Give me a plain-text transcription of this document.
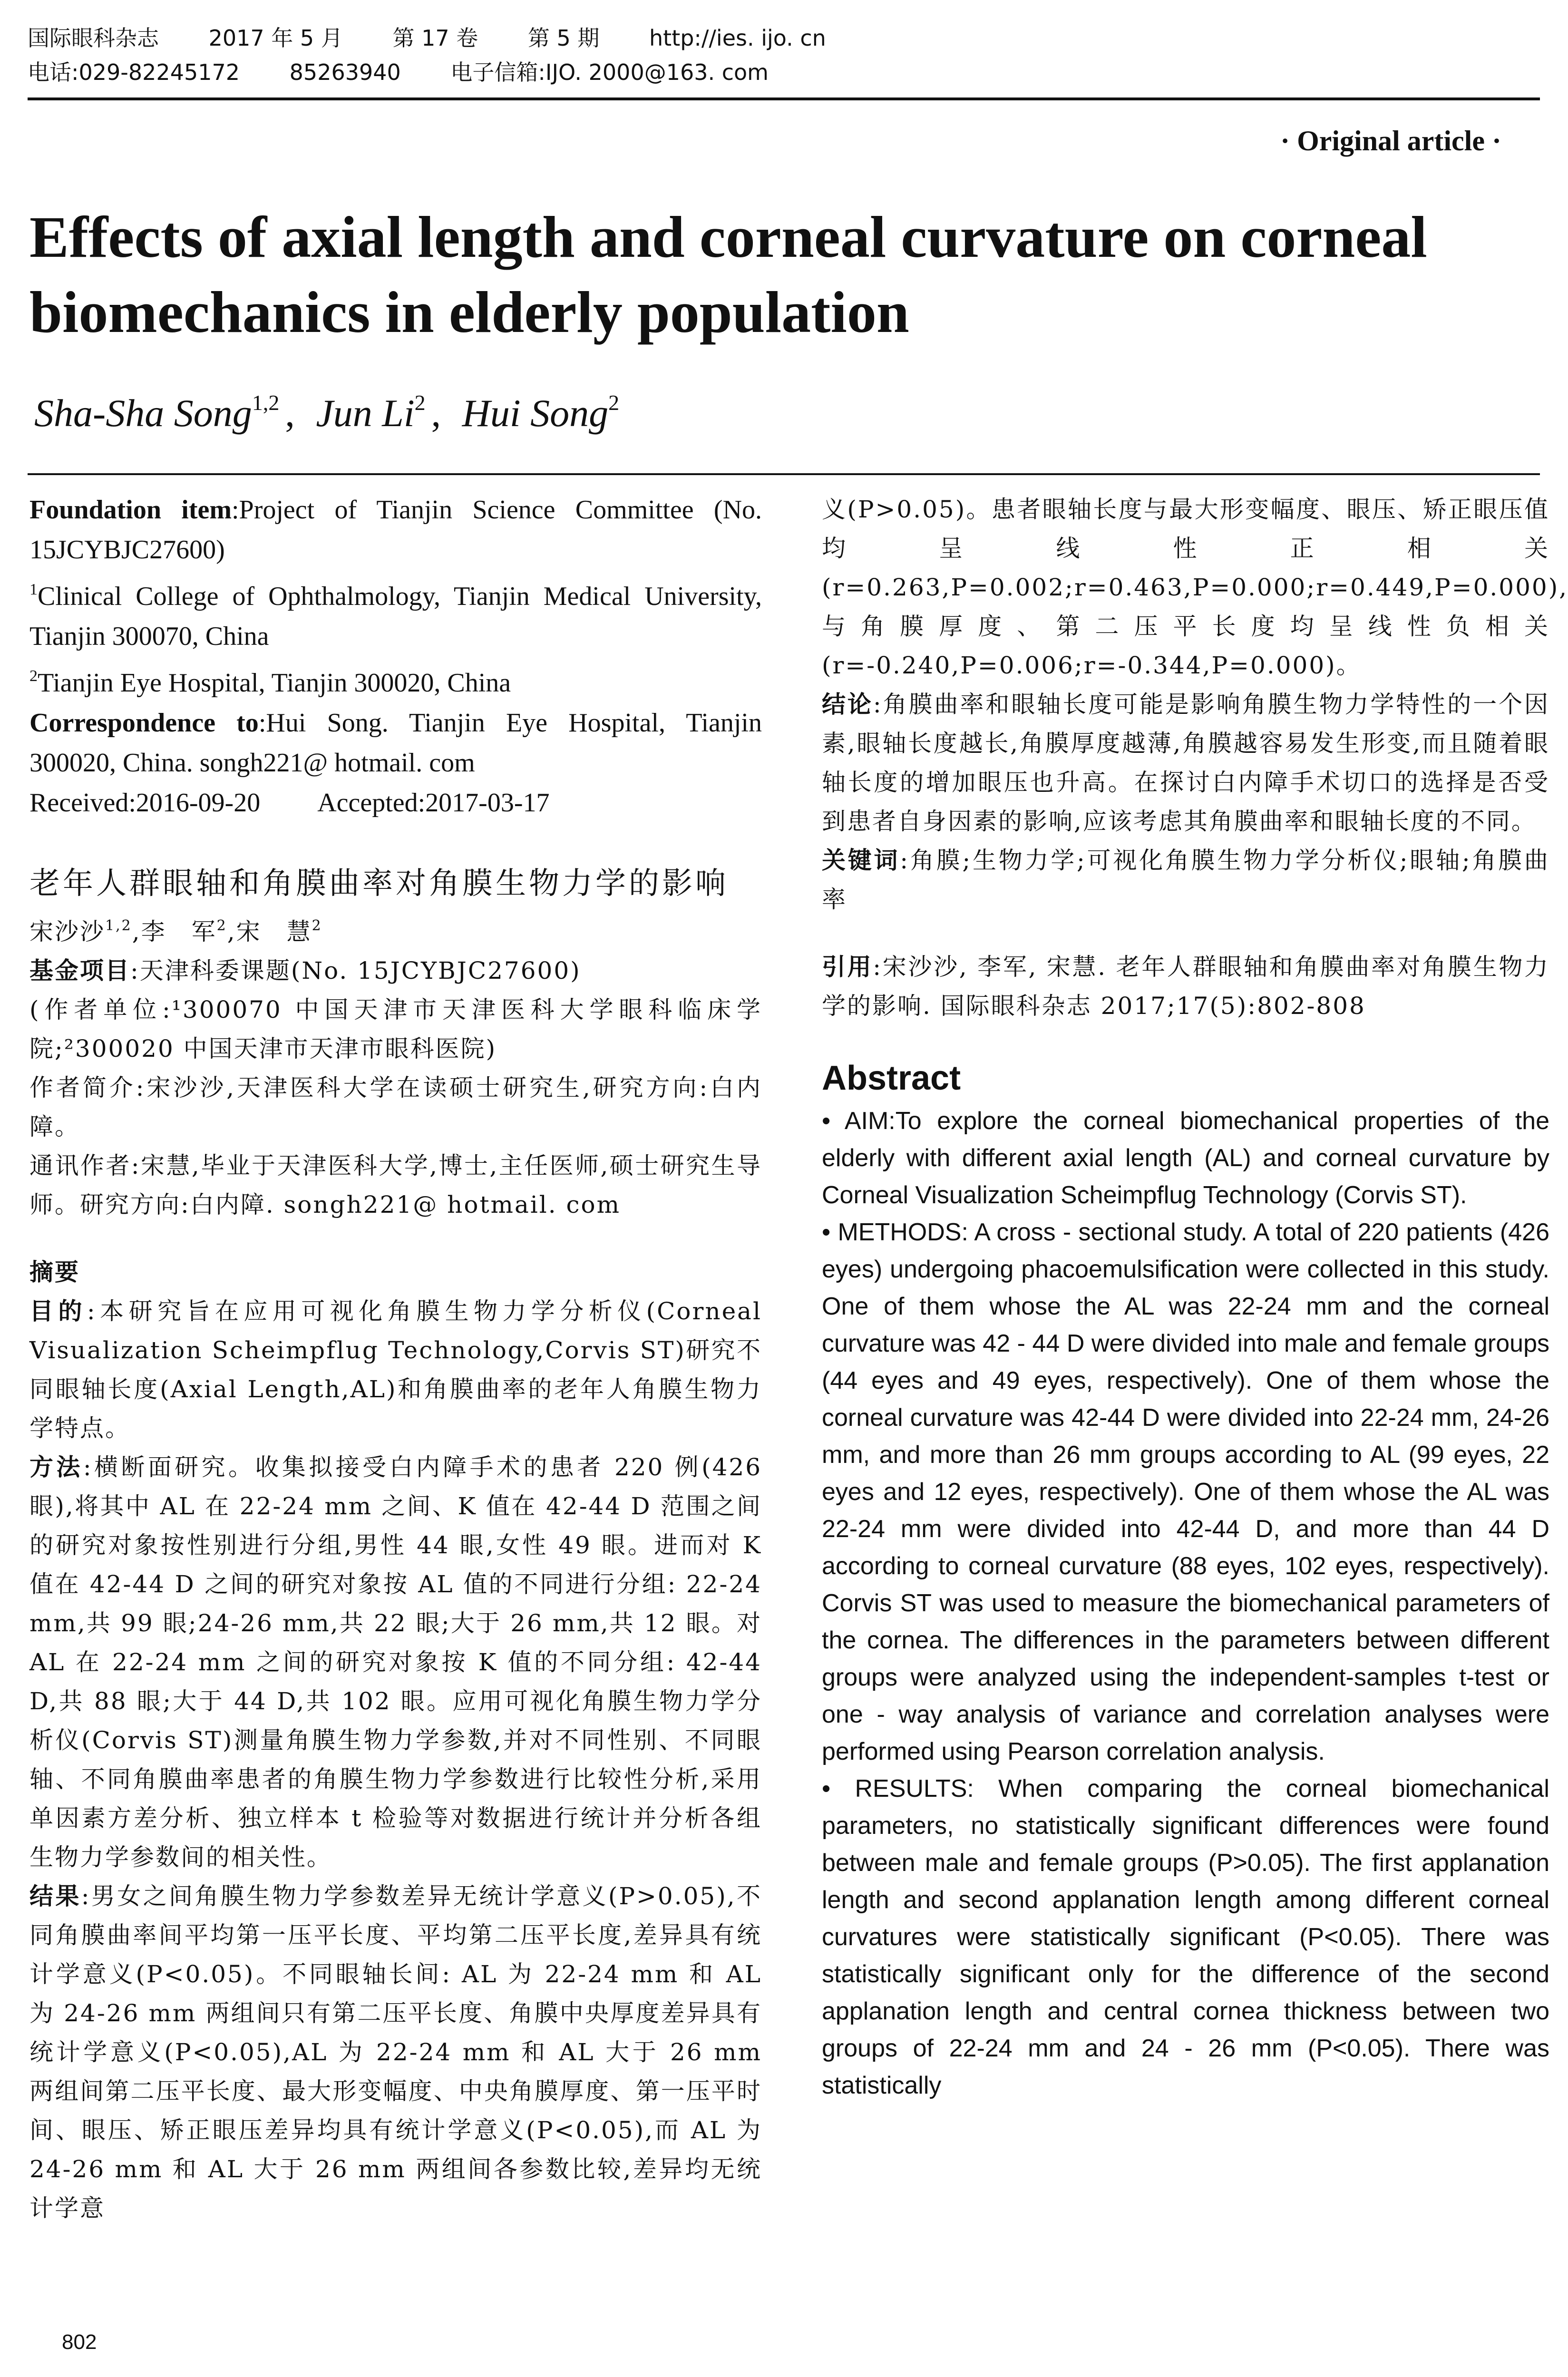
国际眼科杂志 2017 年 5 月 第 17 卷 第 5 期 http://ies. ijo. cn
电话:029-82245172 85263940 电子信箱:IJO. 2000@163. com
· Original article ·
Effects of axial length and corneal curvature on corneal biomechanics in elderly population
Sha-Sha Song$^{1,2}$ , Jun Li$^2$ , Hui Song$^2$

Foundation item:Project of Tianjin Science Committee (No. 15JCYBJC27600)

$^1$Clinical College of Ophthalmology, Tianjin Medical University, Tianjin 300070, China

$^2$Tianjin Eye Hospital, Tianjin 300020, China

Correspondence to:Hui Song. Tianjin Eye Hospital, Tianjin 300020, China. songh221@ hotmail. com

Received:2016-09-20 Accepted:2017-03-17

老年人群眼轴和角膜曲率对角膜生物力学的影响

宋沙沙$^{1,2}$,李　军$^2$,宋　慧$^2$

基金项目:天津科委课题(No. 15JCYBJC27600)

(作者单位:¹300070 中国天津市天津医科大学眼科临床学院;²300020 中国天津市天津市眼科医院)

作者简介:宋沙沙,天津医科大学在读硕士研究生,研究方向:白内障。

通讯作者:宋慧,毕业于天津医科大学,博士,主任医师,硕士研究生导师。研究方向:白内障. songh221@ hotmail. com

摘要

目的:本研究旨在应用可视化角膜生物力学分析仪(Corneal Visualization Scheimpflug Technology,Corvis ST)研究不同眼轴长度(Axial Length,AL)和角膜曲率的老年人角膜生物力学特点。

方法:横断面研究。收集拟接受白内障手术的患者 220 例(426 眼),将其中 AL 在 22-24 mm 之间、K 值在 42-44 D 范围之间的研究对象按性别进行分组,男性 44 眼,女性 49 眼。进而对 K 值在 42-44 D 之间的研究对象按 AL 值的不同进行分组: 22-24 mm,共 99 眼;24-26 mm,共 22 眼;大于 26 mm,共 12 眼。对 AL 在 22-24 mm 之间的研究对象按 K 值的不同分组: 42-44 D,共 88 眼;大于 44 D,共 102 眼。应用可视化角膜生物力学分析仪(Corvis ST)测量角膜生物力学参数,并对不同性别、不同眼轴、不同角膜曲率患者的角膜生物力学参数进行比较性分析,采用单因素方差分析、独立样本 t 检验等对数据进行统计并分析各组生物力学参数间的相关性。

结果:男女之间角膜生物力学参数差异无统计学意义(P>0.05),不同角膜曲率间平均第一压平长度、平均第二压平长度,差异具有统计学意义(P<0.05)。不同眼轴长间: AL 为 22-24 mm 和 AL 为 24-26 mm 两组间只有第二压平长度、角膜中央厚度差异具有统计学意义(P<0.05),AL 为 22-24 mm 和 AL 大于 26 mm 两组间第二压平长度、最大形变幅度、中央角膜厚度、第一压平时间、眼压、矫正眼压差异均具有统计学意义(P<0.05),而 AL 为 24-26 mm 和 AL 大于 26 mm 两组间各参数比较,差异均无统计学意

义(P>0.05)。患者眼轴长度与最大形变幅度、眼压、矫正眼压值均呈线性正相关(r=0.263,P=0.002;r=0.463,P=0.000;r=0.449,P=0.000),与角膜厚度、第二压平长度均呈线性负相关(r=-0.240,P=0.006;r=-0.344,P=0.000)。

结论:角膜曲率和眼轴长度可能是影响角膜生物力学特性的一个因素,眼轴长度越长,角膜厚度越薄,角膜越容易发生形变,而且随着眼轴长度的增加眼压也升高。在探讨白内障手术切口的选择是否受到患者自身因素的影响,应该考虑其角膜曲率和眼轴长度的不同。

关键词:角膜;生物力学;可视化角膜生物力学分析仪;眼轴;角膜曲率

引用:宋沙沙, 李军, 宋慧. 老年人群眼轴和角膜曲率对角膜生物力学的影响. 国际眼科杂志 2017;17(5):802-808

Abstract

• AIM:To explore the corneal biomechanical properties of the elderly with different axial length (AL) and corneal curvature by Corneal Visualization Scheimpflug Technology (Corvis ST).

• METHODS: A cross - sectional study. A total of 220 patients (426 eyes) undergoing phacoemulsification were collected in this study. One of them whose the AL was 22-24 mm and the corneal curvature was 42 - 44 D were divided into male and female groups (44 eyes and 49 eyes, respectively). One of them whose the corneal curvature was 42-44 D were divided into 22-24 mm, 24-26 mm, and more than 26 mm groups according to AL (99 eyes, 22 eyes and 12 eyes, respectively). One of them whose the AL was 22-24 mm were divided into 42-44 D, and more than 44 D according to corneal curvature (88 eyes, 102 eyes, respectively). Corvis ST was used to measure the biomechanical parameters of the cornea. The differences in the parameters between different groups were analyzed using the independent-samples t-test or one - way analysis of variance and correlation analyses were performed using Pearson correlation analysis.

• RESULTS: When comparing the corneal biomechanical parameters, no statistically significant differences were found between male and female groups (P>0.05). The first applanation length and second applanation length among different corneal curvatures were statistically significant (P<0.05). There was statistically significant only for the difference of the second applanation length and central cornea thickness between two groups of 22-24 mm and 24 - 26 mm (P<0.05). There was statistically

802
